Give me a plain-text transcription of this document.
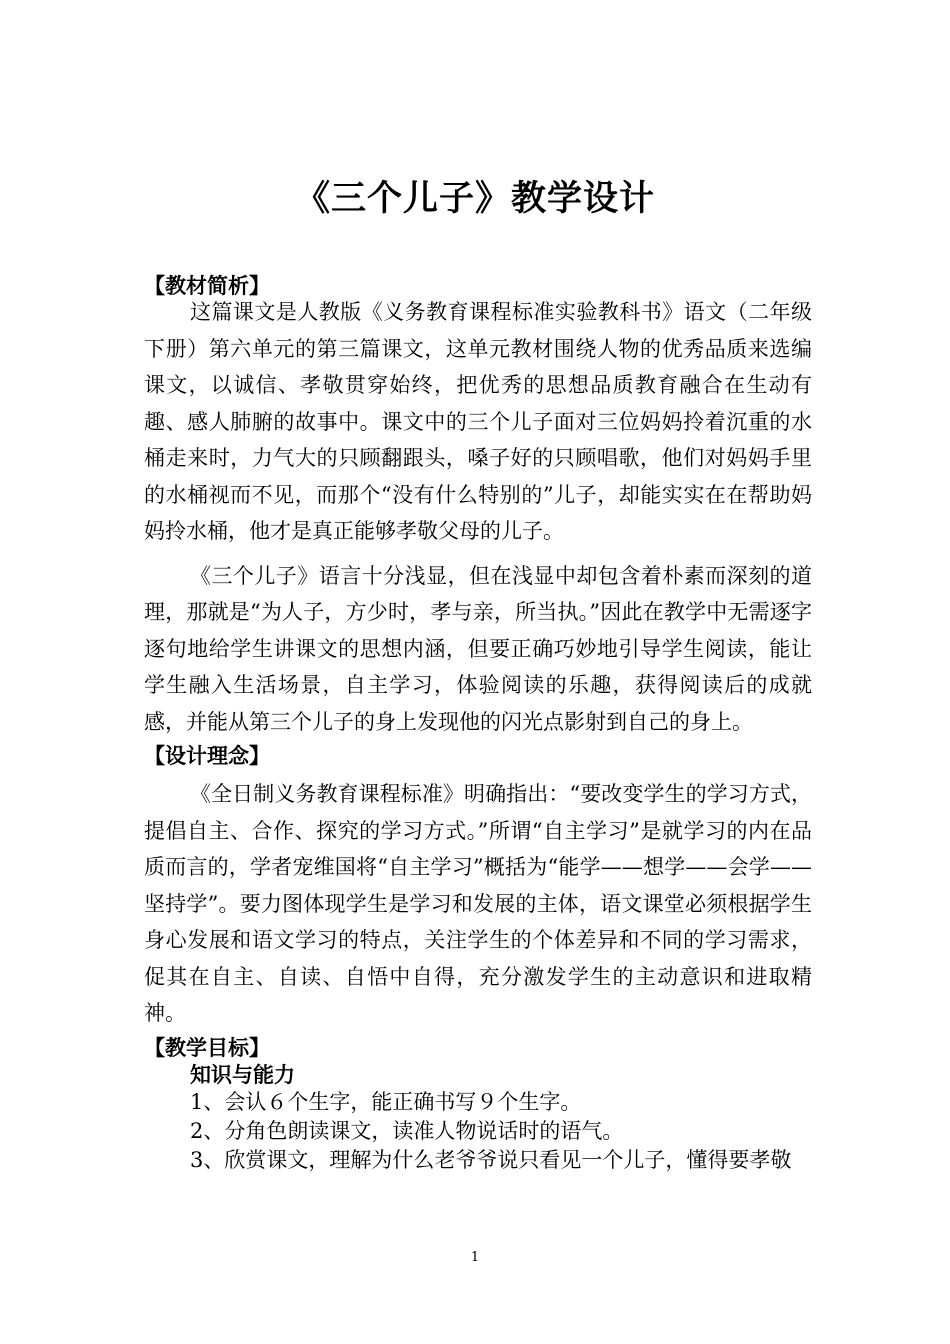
《三个儿子》教学设计

【教材简析】

这篇课文是人教版《义务教育课程标准实验教科书》语文（二年级下册）第六单元的第三篇课文，这单元教材围绕人物的优秀品质来选编课文，以诚信、孝敬贯穿始终，把优秀的思想品质教育融合在生动有趣、感人肺腑的故事中。课文中的三个儿子面对三位妈妈拎着沉重的水桶走来时，力气大的只顾翻跟头，嗓子好的只顾唱歌，他们对妈妈手里的水桶视而不见，而那个“没有什么特别的”儿子，却能实实在在帮助妈妈拎水桶，他才是真正能够孝敬父母的儿子。

《三个儿子》语言十分浅显，但在浅显中却包含着朴素而深刻的道理，那就是“为人子，方少时，孝与亲，所当执。”因此在教学中无需逐字逐句地给学生讲课文的思想内涵，但要正确巧妙地引导学生阅读，能让学生融入生活场景，自主学习，体验阅读的乐趣，获得阅读后的成就感，并能从第三个儿子的身上发现他的闪光点影射到自己的身上。

【设计理念】

《全日制义务教育课程标准》明确指出：“要改变学生的学习方式，提倡自主、合作、探究的学习方式。”所谓“自主学习”是就学习的内在品质而言的，学者宠维国将“自主学习”概括为“能学——想学——会学——坚持学”。要力图体现学生是学习和发展的主体，语文课堂必须根据学生身心发展和语文学习的特点，关注学生的个体差异和不同的学习需求，促其在自主、自读、自悟中自得，充分激发学生的主动意识和进取精神。

【教学目标】

知识与能力

1、会认６个生字，能正确书写９个生字。

2、分角色朗读课文，读准人物说话时的语气。

3、欣赏课文，理解为什么老爷爷说只看见一个儿子，懂得要孝敬

1
